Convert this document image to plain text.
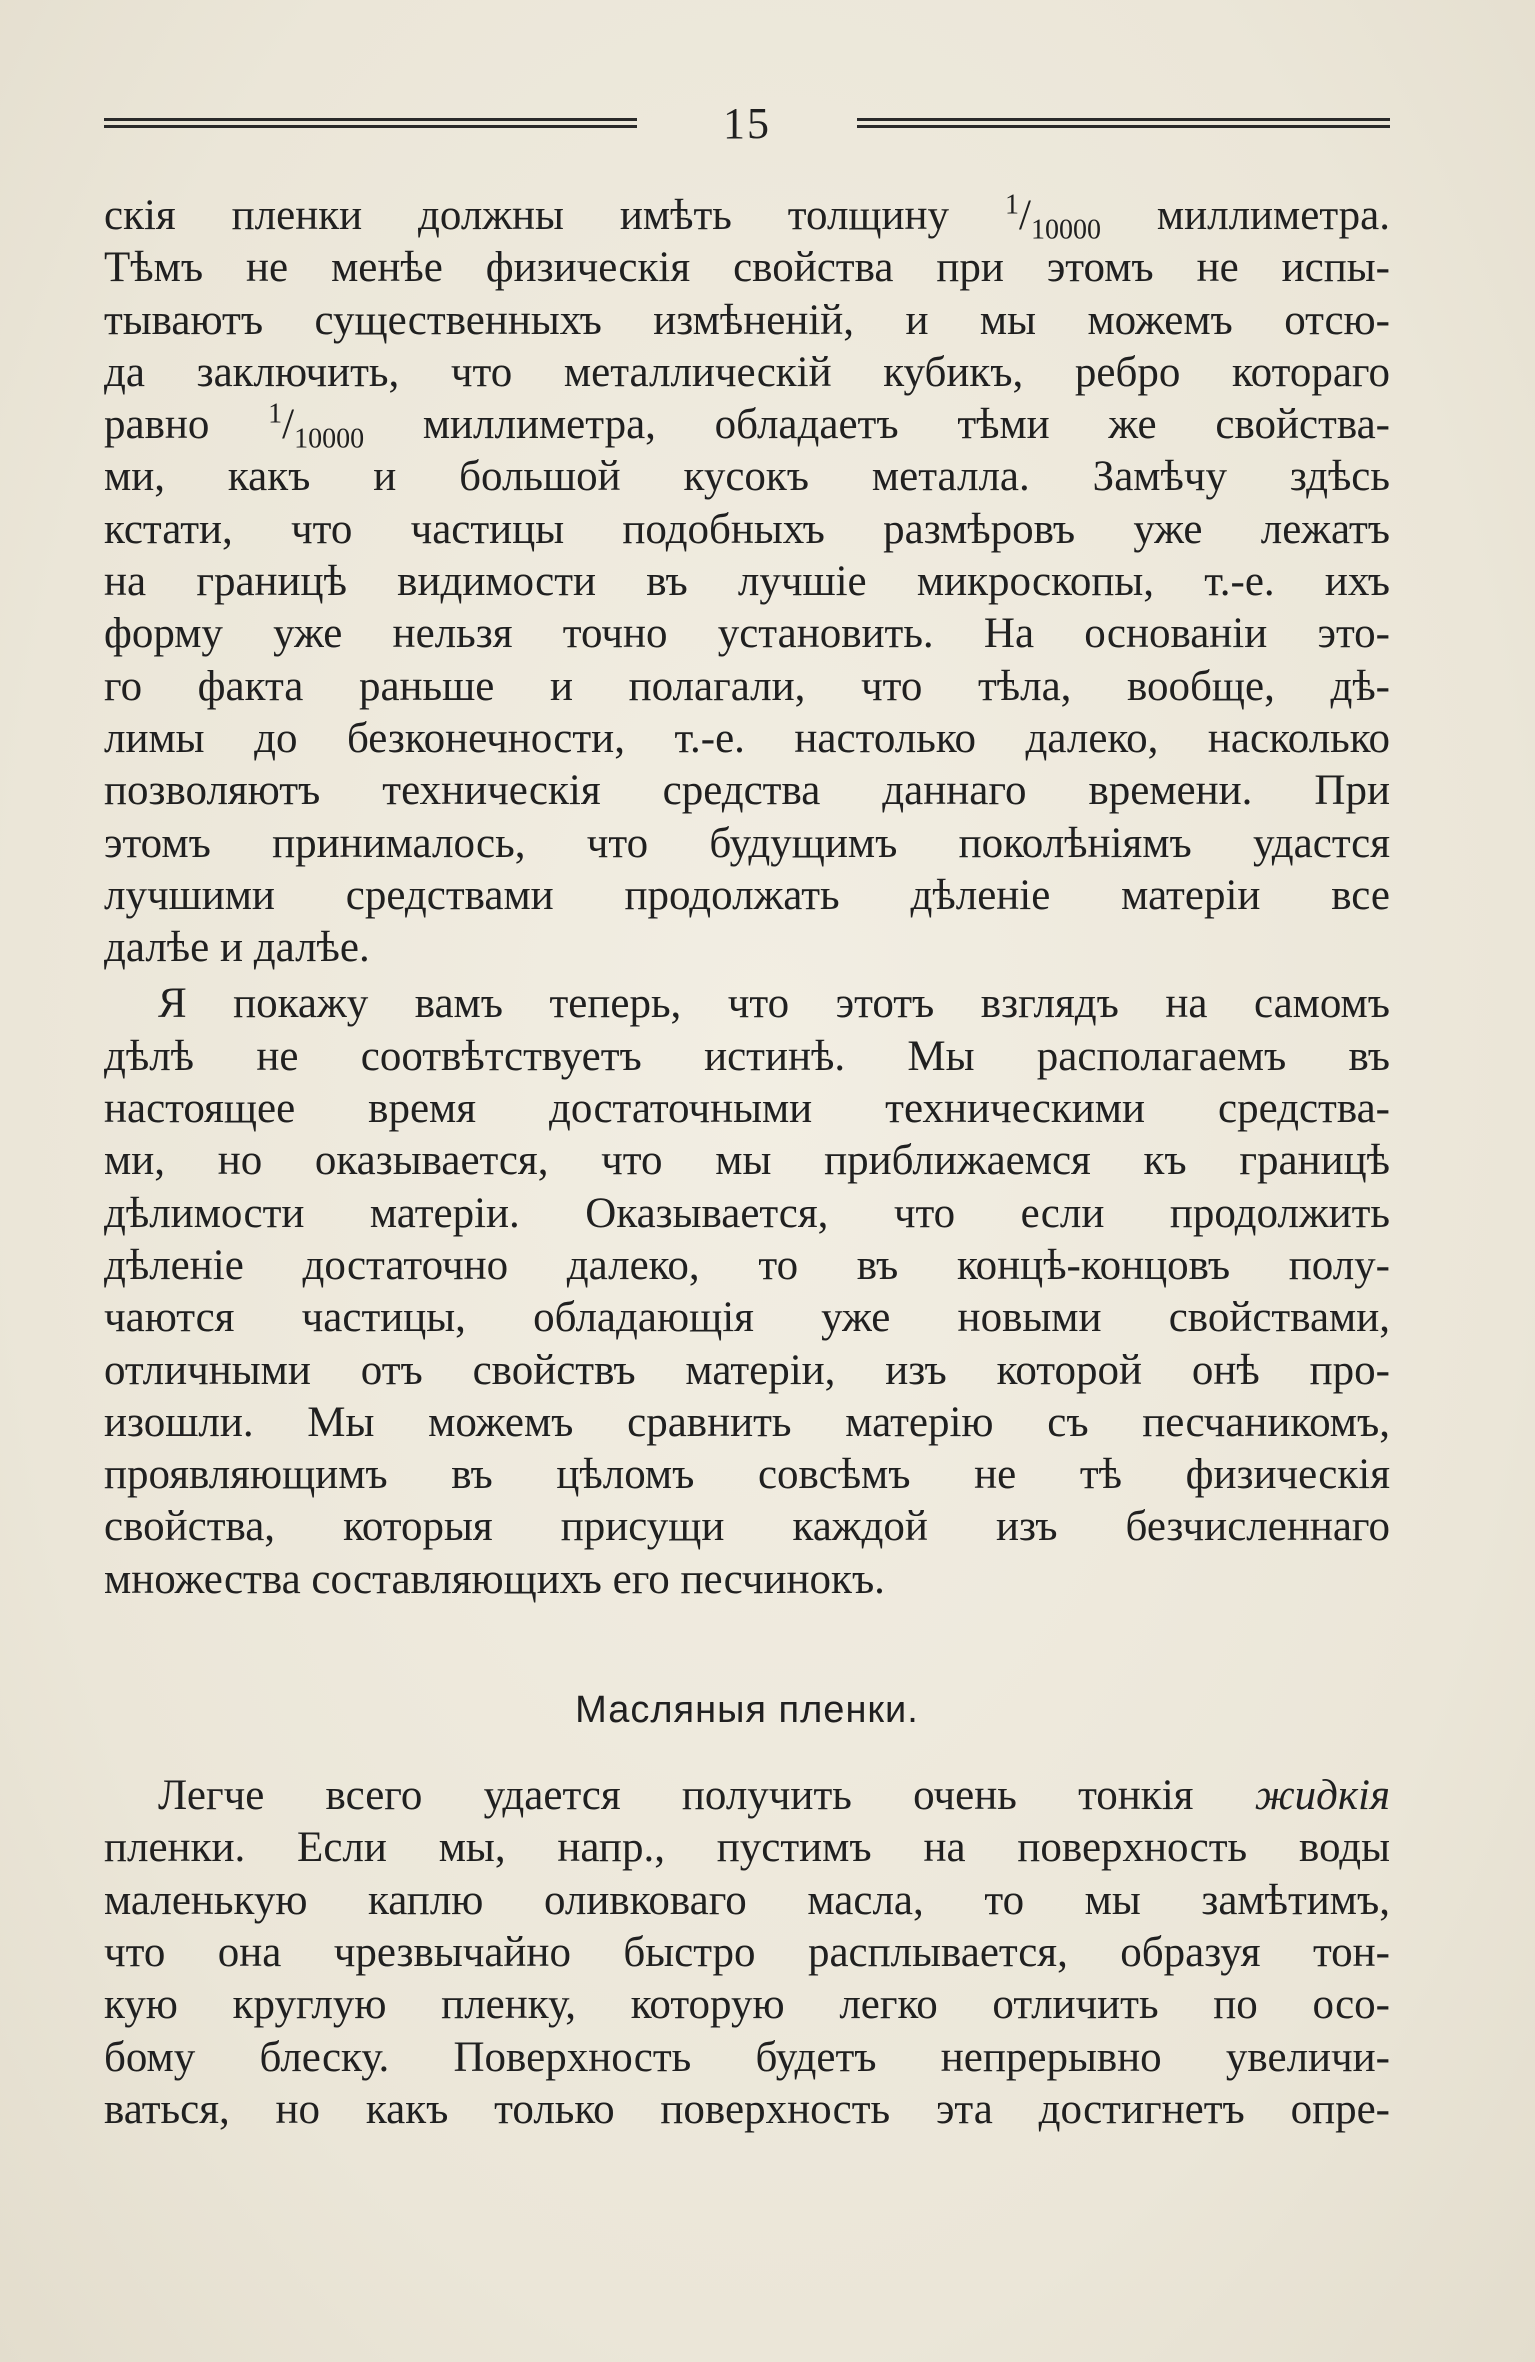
15
скія пленки должны имѣть толщину $^1/_{10000}$ миллиметра.
Тѣмъ не менѣе физическія свойства при этомъ не испы-
тываютъ существенныхъ измѣненій, и мы можемъ отсю-
да заключить, что металлическій кубикъ, ребро котораго
равно $^1/_{10000}$ миллиметра, обладаетъ тѣми же свойства-
ми, какъ и большой кусокъ металла. Замѣчу здѣсь
кстати, что частицы подобныхъ размѣровъ уже лежатъ
на границѣ видимости въ лучшіе микроскопы, т.-е. ихъ
форму уже нельзя точно установить. На основаніи это-
го факта раньше и полагали, что тѣла, вообще, дѣ-
лимы до безконечности, т.-е. настолько далеко, насколько
позволяютъ техническія средства даннаго времени. При
этомъ принималось, что будущимъ поколѣніямъ удастся
лучшими средствами продолжать дѣленіе матеріи все
далѣе и далѣе.
Я покажу вамъ теперь, что этотъ взглядъ на самомъ
дѣлѣ не соотвѣтствуетъ истинѣ. Мы располагаемъ въ
настоящее время достаточными техническими средства-
ми, но оказывается, что мы приближаемся къ границѣ
дѣлимости матеріи. Оказывается, что если продолжить
дѣленіе достаточно далеко, то въ концѣ-концовъ полу-
чаются частицы, обладающія уже новыми свойствами,
отличными отъ свойствъ матеріи, изъ которой онѣ про-
изошли. Мы можемъ сравнить матерію съ песчаникомъ,
проявляющимъ въ цѣломъ совсѣмъ не тѣ физическія
свойства, которыя присущи каждой изъ безчисленнаго
множества составляющихъ его песчинокъ.
Масляныя пленки.
Легче всего удается получить очень тонкія жидкія
пленки. Если мы, напр., пустимъ на поверхность воды
маленькую каплю оливковаго масла, то мы замѣтимъ,
что она чрезвычайно быстро расплывается, образуя тон-
кую круглую пленку, которую легко отличить по осо-
бому блеску. Поверхность будетъ непрерывно увеличи-
ваться, но какъ только поверхность эта достигнетъ опре-
